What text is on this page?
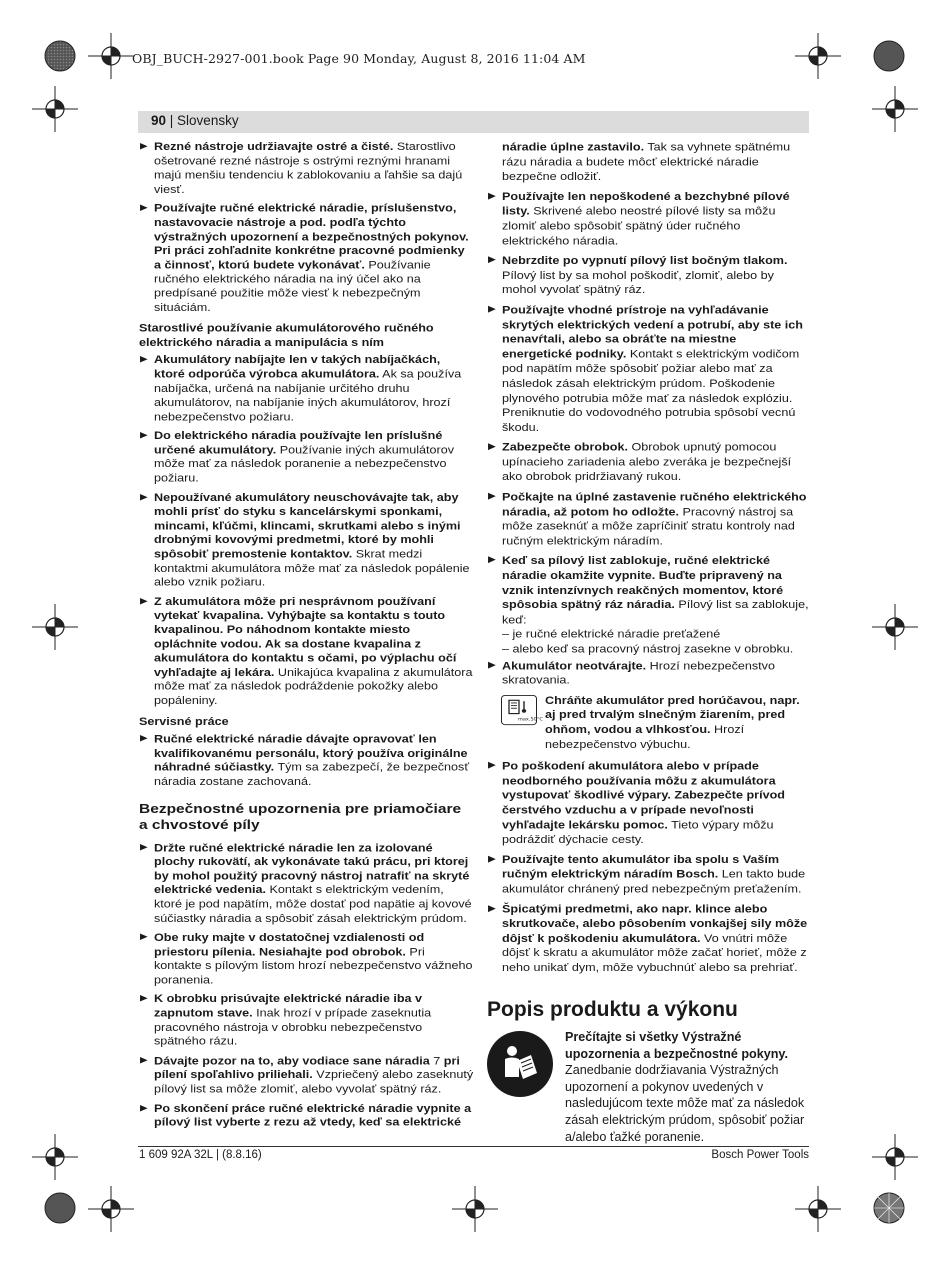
OBJ_BUCH-2927-001.book Page 90 Monday, August 8, 2016 11:04 AM
90 | Slovensky
▶ Rezné nástroje udržiavajte ostré a čisté. Starostlivo ošetrované rezné nástroje s ostrými reznými hranami majú menšiu tendenciu k zablokovaniu a ľahšie sa dajú viesť.
▶ Používajte ručné elektrické náradie, príslušenstvo, nastavovacie nástroje a pod. podľa týchto výstražných upozornení a bezpečnostných pokynov. Pri práci zohľadnite konkrétne pracovné podmienky a činnosť, ktorú budete vykonávať. Používanie ručného elektrického náradia na iný účel ako na predpísané použitie môže viesť k nebezpečným situáciám.
Starostlivé používanie akumulátorového ručného elektrického náradia a manipulácia s ním
▶ Akumulátory nabíjajte len v takých nabíjačkách, ktoré odporúča výrobca akumulátora. Ak sa používa nabíjačka, určená na nabíjanie určitého druhu akumulátorov, na nabíjanie iných akumulátorov, hrozí nebezpečenstvo požiaru.
▶ Do elektrického náradia používajte len príslušné určené akumulátory. Používanie iných akumulátorov môže mať za následok poranenie a nebezpečenstvo požiaru.
▶ Nepoužívané akumulátory neuschovávajte tak, aby mohli prísť do styku s kancelárskymi sponkami, mincami, kľúčmi, klincami, skrutkami alebo s inými drobnými kovovými predmetmi, ktoré by mohli spôsobiť premostenie kontaktov. Skrat medzi kontaktmi akumulátora môže mať za následok popálenie alebo vznik požiaru.
▶ Z akumulátora môže pri nesprávnom používaní vytekať kvapalina. Vyhýbajte sa kontaktu s touto kvapalinou. Po náhodnom kontakte miesto opláchnite vodou. Ak sa dostane kvapalina z akumulátora do kontaktu s očami, po výplachu očí vyhľadajte aj lekára. Unikajúca kvapalina z akumulátora môže mať za následok podráždenie pokožky alebo popáleniny.
Servisné práce
▶ Ručné elektrické náradie dávajte opravovať len kvalifikovanému personálu, ktorý používa originálne náhradné súčiastky. Tým sa zabezpečí, že bezpečnosť náradia zostane zachovaná.
Bezpečnostné upozornenia pre priamočiare a chvostové píly
▶ Držte ručné elektrické náradie len za izolované plochy rukovätí, ak vykonávate takú prácu, pri ktorej by mohol použitý pracovný nástroj natrafiť na skryté elektrické vedenia. Kontakt s elektrickým vedením, ktoré je pod napätím, môže dostať pod napätie aj kovové súčiastky náradia a spôsobiť zásah elektrickým prúdom.
▶ Obe ruky majte v dostatočnej vzdialenosti od priestoru pílenia. Nesiahajte pod obrobok. Pri kontakte s pílovým listom hrozí nebezpečenstvo vážneho poranenia.
▶ K obrobku prisúvajte elektrické náradie iba v zapnutom stave. Inak hrozí v prípade zaseknutia pracovného nástroja v obrobku nebezpečenstvo spätného rázu.
▶ Dávajte pozor na to, aby vodiace sane náradia 7 pri pílení spoľahlivo priliehali. Vzpriečený alebo zaseknutý pílový list sa môže zlomiť, alebo vyvolať spätný ráz.
▶ Po skončení práce ručné elektrické náradie vypnite a pílový list vyberte z rezu až vtedy, keď sa elektrické
náradie úplne zastavilo. Tak sa vyhnete spätnému rázu náradia a budete môcť elektrické náradie bezpečne odložiť.
▶ Používajte len nepoškodené a bezchybné pílové listy. Skrivené alebo neostré pílové listy sa môžu zlomiť alebo spôsobiť spätný úder ručného elektrického náradia.
▶ Nebrzdite po vypnutí pílový list bočným tlakom. Pílový list by sa mohol poškodiť, zlomiť, alebo by mohol vyvolať spätný ráz.
▶ Používajte vhodné prístroje na vyhľadávanie skrytých elektrických vedení a potrubí, aby ste ich nenavŕtali, alebo sa obráťte na miestne energetické podniky. Kontakt s elektrickým vodičom pod napätím môže spôsobiť požiar alebo mať za následok zásah elektrickým prúdom. Poškodenie plynového potrubia môže mať za následok explóziu. Preniknutie do vodovodného potrubia spôsobí vecnú škodu.
▶ Zabezpečte obrobok. Obrobok upnutý pomocou upínacieho zariadenia alebo zveráka je bezpečnejší ako obrobok pridržiavaný rukou.
▶ Počkajte na úplné zastavenie ručného elektrického náradia, až potom ho odložte. Pracovný nástroj sa môže zaseknúť a môže zapríčiniť stratu kontroly nad ručným elektrickým náradím.
▶ Keď sa pílový list zablokuje, ručné elektrické náradie okamžite vypnite. Buďte pripravený na vznik intenzívnych reakčných momentov, ktoré spôsobia spätný ráz náradia. Pílový list sa zablokuje, keď:
– je ručné elektrické náradie preťažené
– alebo keď sa pracovný nástroj zasekne v obrobku.
▶ Akumulátor neotvárajte. Hrozí nebezpečenstvo skratovania.
max.50°C
Chráňte akumulátor pred horúčavou, napr. aj pred trvalým slnečným žiarením, pred ohňom, vodou a vlhkosťou. Hrozí nebezpečenstvo výbuchu.
▶ Po poškodení akumulátora alebo v prípade neodborného používania môžu z akumulátora vystupovať škodlivé výpary. Zabezpečte prívod čerstvého vzduchu a v prípade nevoľnosti vyhľadajte lekársku pomoc. Tieto výpary môžu podráždiť dýchacie cesty.
▶ Používajte tento akumulátor iba spolu s Vaším ručným elektrickým náradím Bosch. Len takto bude akumulátor chránený pred nebezpečným preťažením.
▶ Špicatými predmetmi, ako napr. klince alebo skrutkovače, alebo pôsobením vonkajšej sily môže dôjsť k poškodeniu akumulátora. Vo vnútri môže dôjsť k skratu a akumulátor môže začať horieť, môže z neho unikať dym, môže vybuchnúť alebo sa prehriať.
Popis produktu a výkonu
Prečítajte si všetky Výstražné upozornenia a bezpečnostné pokyny. Zanedbanie dodržiavania Výstražných upozornení a pokynov uvedených v nasledujúcom texte môže mať za následok zásah elektrickým prúdom, spôsobiť požiar a/alebo ťažké poranenie.
1 609 92A 32L | (8.8.16)	Bosch Power Tools
